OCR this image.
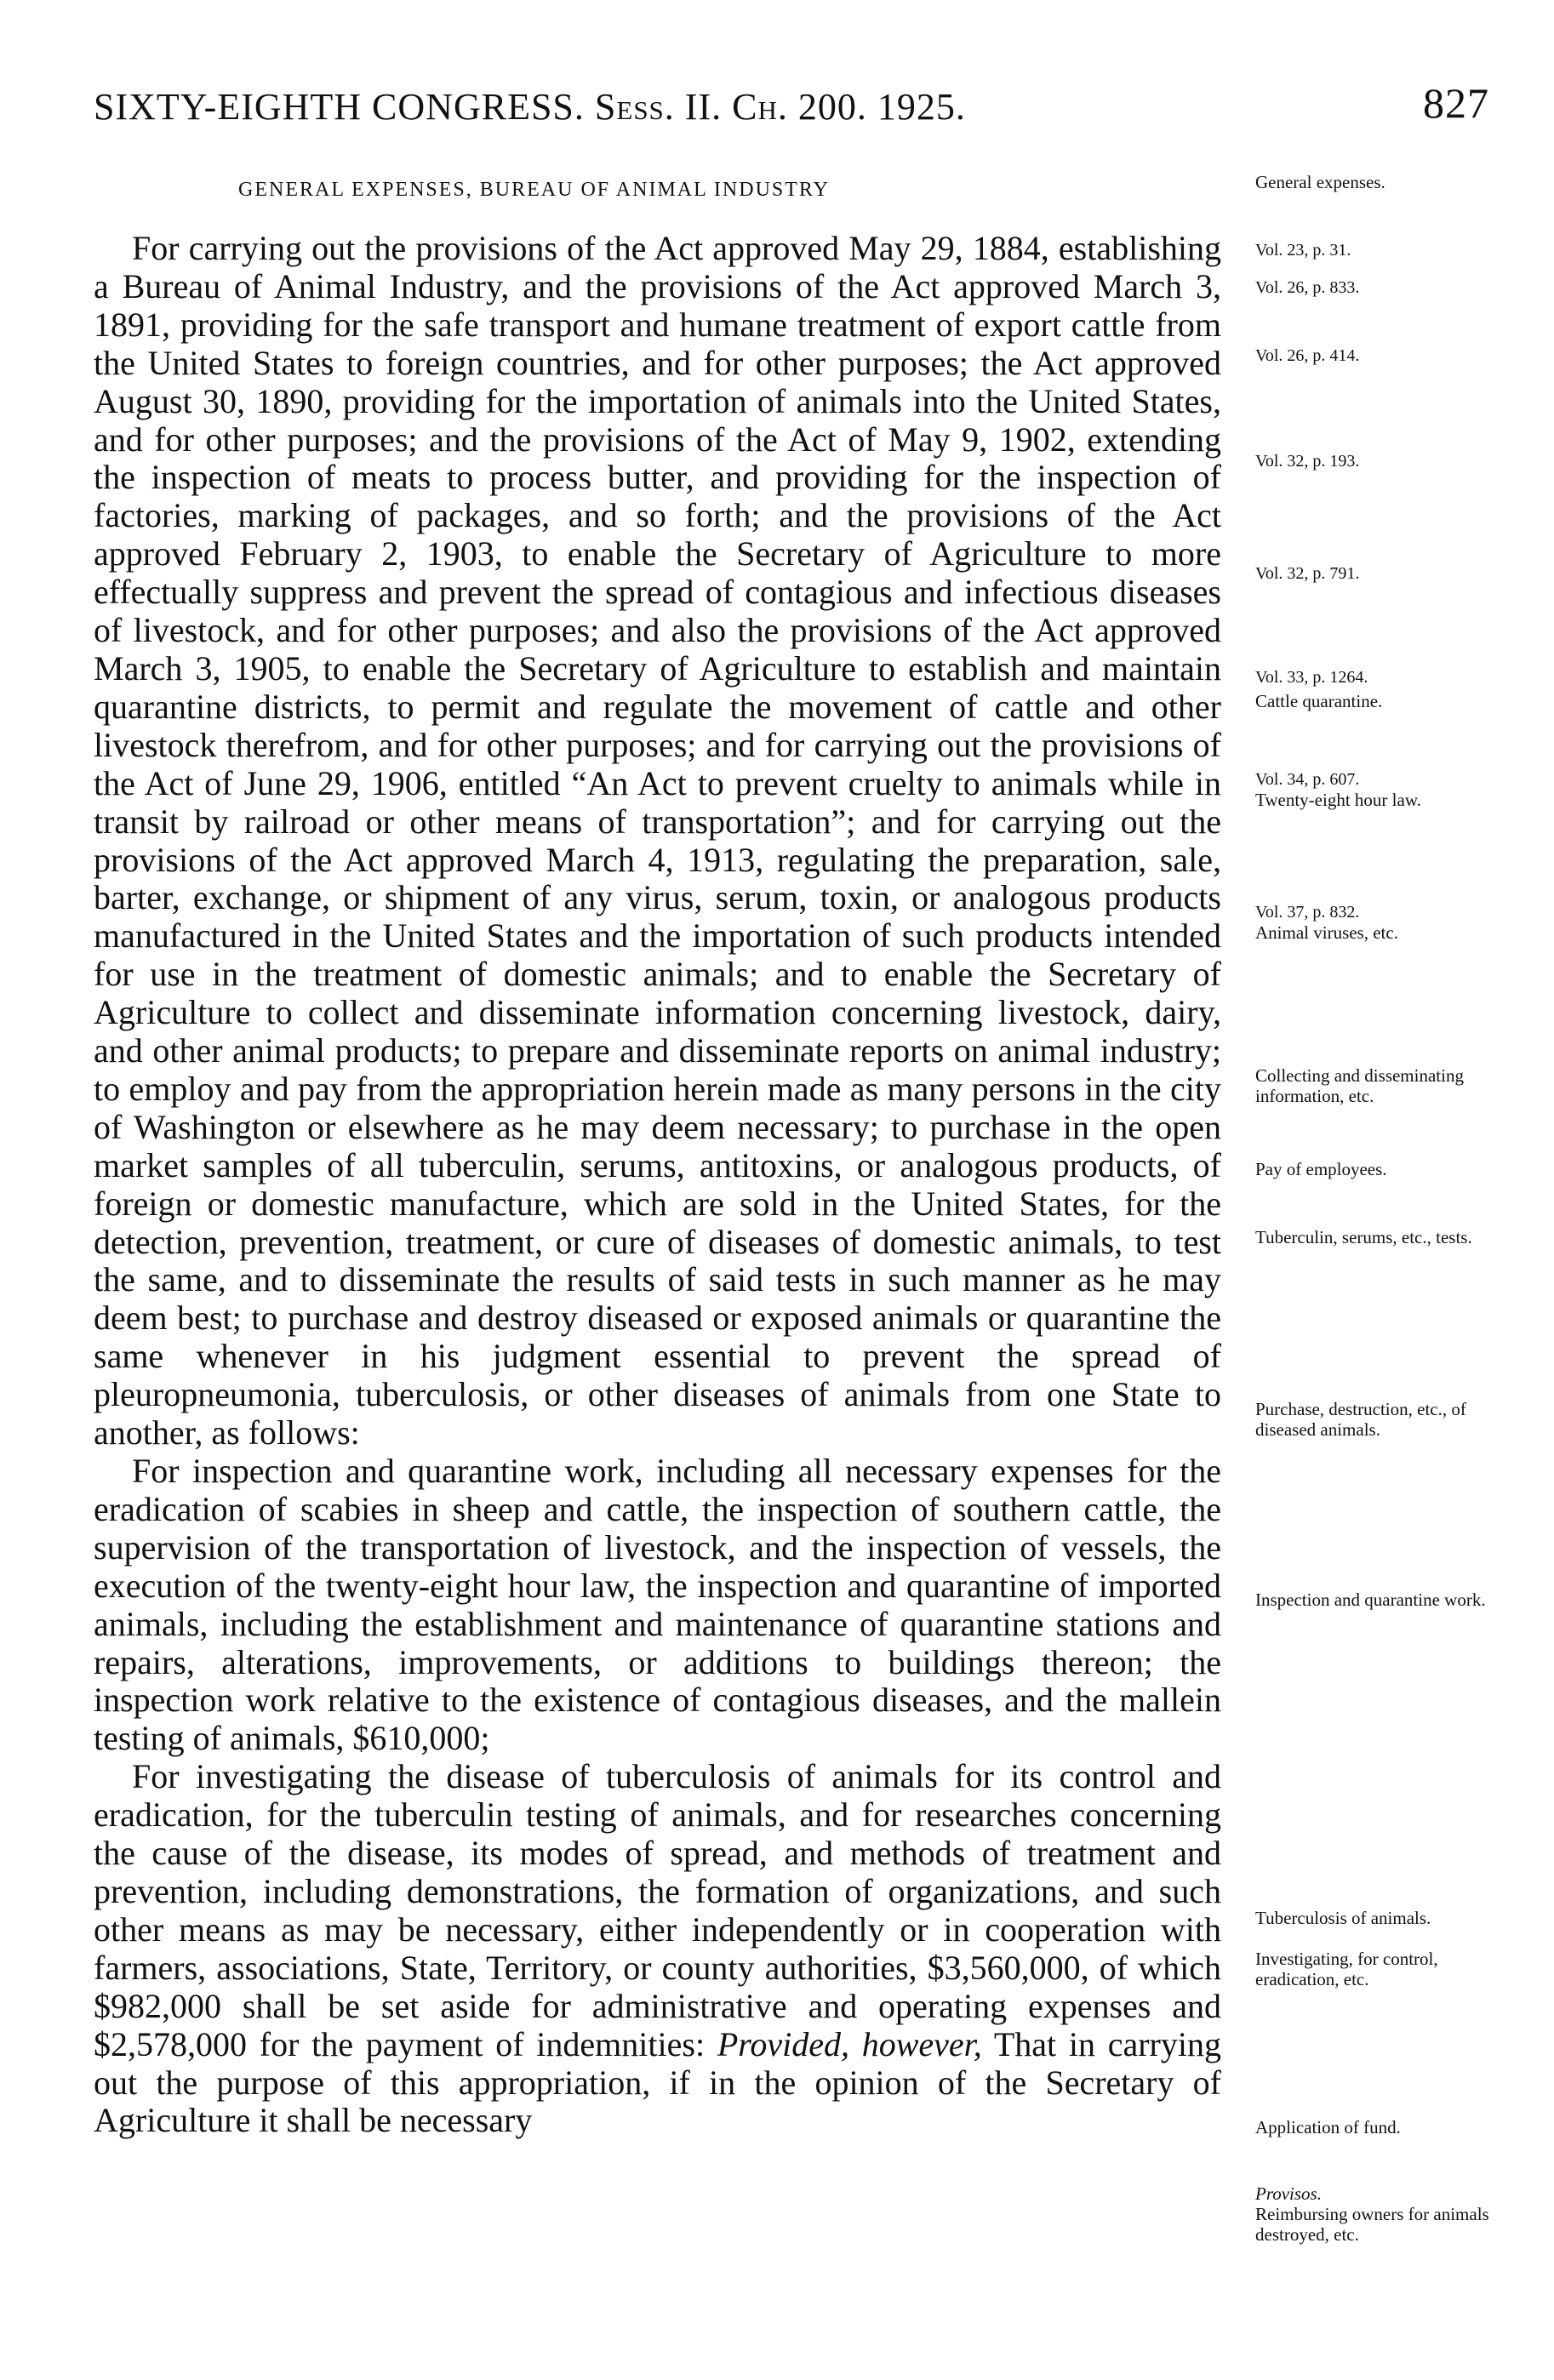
SIXTY-EIGHTH CONGRESS. Sess. II. Ch. 200. 1925.	827
GENERAL EXPENSES, BUREAU OF ANIMAL INDUSTRY

For carrying out the provisions of the Act approved May 29, 1884, establishing a Bureau of Animal Industry, and the provisions of the Act approved March 3, 1891, providing for the safe transport and humane treatment of export cattle from the United States to foreign countries, and for other purposes; the Act approved August 30, 1890, providing for the importation of animals into the United States, and for other purposes; and the provisions of the Act of May 9, 1902, extending the inspection of meats to process butter, and providing for the inspection of factories, marking of packages, and so forth; and the provisions of the Act approved February 2, 1903, to enable the Secretary of Agriculture to more effectually suppress and prevent the spread of contagious and infectious diseases of livestock, and for other purposes; and also the provisions of the Act approved March 3, 1905, to enable the Secretary of Agriculture to establish and maintain quarantine districts, to permit and regulate the movement of cattle and other livestock therefrom, and for other purposes; and for carrying out the provisions of the Act of June 29, 1906, entitled “An Act to prevent cruelty to animals while in transit by railroad or other means of transportation”; and for carrying out the provisions of the Act approved March 4, 1913, regulating the preparation, sale, barter, exchange, or shipment of any virus, serum, toxin, or analogous products manufactured in the United States and the importation of such products intended for use in the treatment of domestic animals; and to enable the Secretary of Agriculture to collect and disseminate information concerning livestock, dairy, and other animal products; to prepare and disseminate reports on animal industry; to employ and pay from the appropriation herein made as many persons in the city of Washington or elsewhere as he may deem necessary; to purchase in the open market samples of all tuberculin, serums, antitoxins, or analogous products, of foreign or domestic manufacture, which are sold in the United States, for the detection, prevention, treatment, or cure of diseases of domestic animals, to test the same, and to disseminate the results of said tests in such manner as he may deem best; to purchase and destroy diseased or exposed animals or quarantine the same whenever in his judgment essential to prevent the spread of pleuropneumonia, tuberculosis, or other diseases of animals from one State to another, as follows:

For inspection and quarantine work, including all necessary expenses for the eradication of scabies in sheep and cattle, the inspection of southern cattle, the supervision of the transportation of livestock, and the inspection of vessels, the execution of the twenty-eight hour law, the inspection and quarantine of imported animals, including the establishment and maintenance of quarantine stations and repairs, alterations, improvements, or additions to buildings thereon; the inspection work relative to the existence of contagious diseases, and the mallein testing of animals, $610,000;

For investigating the disease of tuberculosis of animals for its control and eradication, for the tuberculin testing of animals, and for researches concerning the cause of the disease, its modes of spread, and methods of treatment and prevention, including demonstrations, the formation of organizations, and such other means as may be necessary, either independently or in cooperation with farmers, associations, State, Territory, or county authorities, $3,560,000, of which $982,000 shall be set aside for administrative and operating expenses and $2,578,000 for the payment of indemnities: Provided, however, That in carrying out the purpose of this appropriation, if in the opinion of the Secretary of Agriculture it shall be necessary

General expenses.
Vol. 23, p. 31.
Vol. 26, p. 833.
Vol. 26, p. 414.
Vol. 32, p. 193.
Vol. 32, p. 791.
Vol. 33, p. 1264.
Cattle quarantine.
Vol. 34, p. 607.
Twenty-eight hour law.
Vol. 37, p. 832.
Animal viruses, etc.
Collecting and disseminating information, etc.
Pay of employees.
Tuberculin, serums, etc., tests.
Purchase, destruction, etc., of diseased animals.
Inspection and quarantine work.
Tuberculosis of animals.
Investigating, for control, eradication, etc.
Application of fund.
Provisos.
Reimbursing owners for animals destroyed, etc.
